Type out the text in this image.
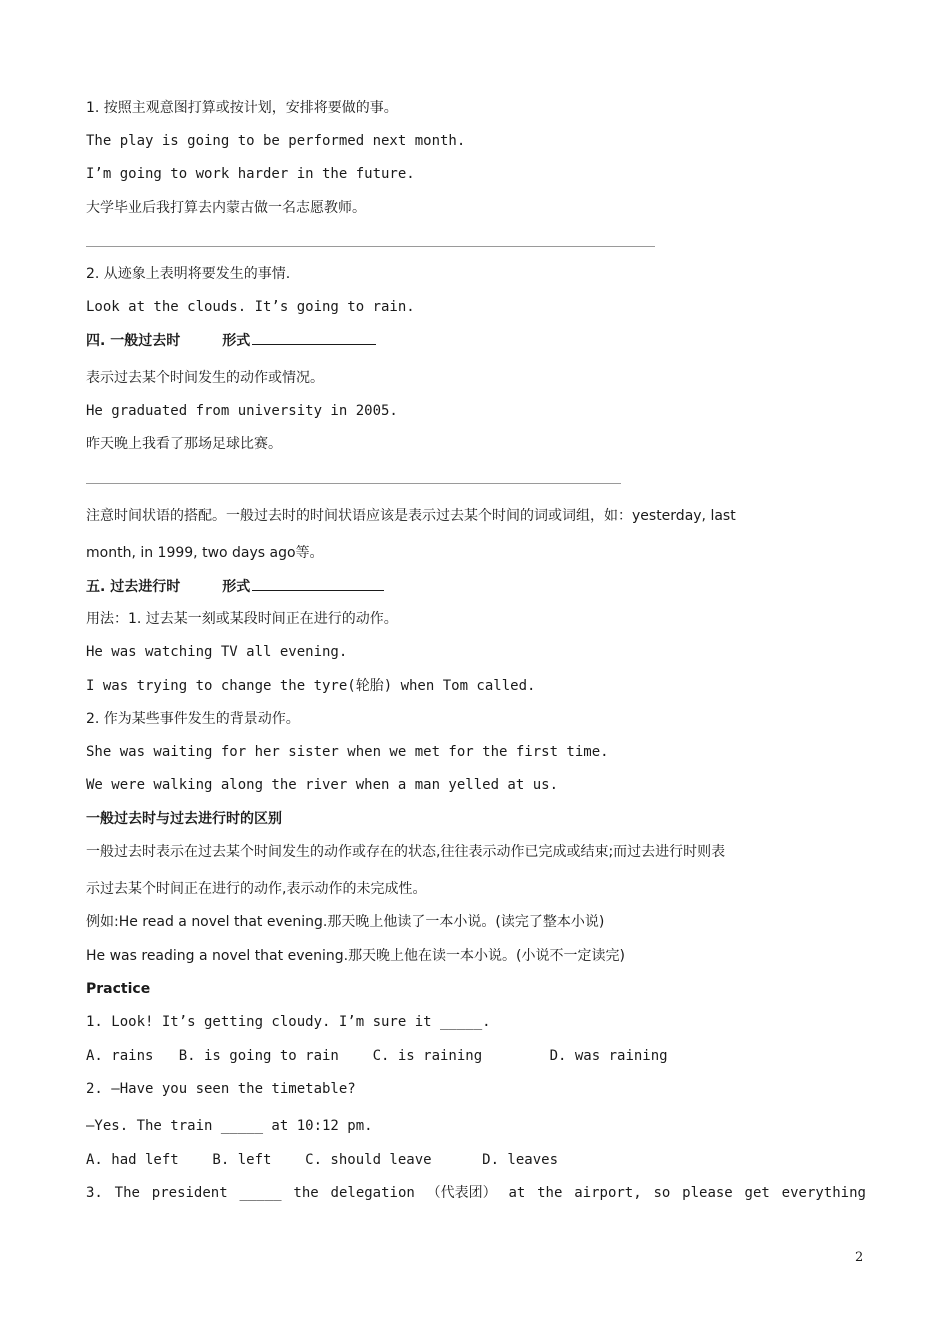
1. 按照主观意图打算或按计划，安排将要做的事。
The play is going to be performed next month.
I’m going to work harder in the future.
大学毕业后我打算去内蒙古做一名志愿教师。
2. 从迹象上表明将要发生的事情.
Look at the clouds. It’s going to rain.
四. 一般过去时	形式
表示过去某个时间发生的动作或情况。
He graduated from university in 2005.
昨天晚上我看了那场足球比赛。
注意时间状语的搭配。一般过去时的时间状语应该是表示过去某个时间的词或词组，如：yesterday, last
month, in 1999, two days ago等。
五. 过去进行时	形式
用法：1. 过去某一刻或某段时间正在进行的动作。
He was watching TV all evening.
I was trying to change the tyre(轮胎) when Tom called.
2. 作为某些事件发生的背景动作。
She was waiting for her sister when we met for the first time.
We were walking along the river when a man yelled at us.
一般过去时与过去进行时的区别
一般过去时表示在过去某个时间发生的动作或存在的状态,往往表示动作已完成或结束;而过去进行时则表
示过去某个时间正在进行的动作,表示动作的未完成性。
例如:He read a novel that evening.那天晚上他读了一本小说。(读完了整本小说)
He was reading a novel that evening.那天晚上他在读一本小说。(小说不一定读完)
Practice
1. Look! It’s getting cloudy. I’m sure it _____.
A. rains   B. is going to rain    C. is raining        D. was raining
2. —Have you seen the timetable?
—Yes. The train _____ at 10:12 pm.
A. had left    B. left    C. should leave      D. leaves
3. The president _____ the delegation （代表团） at the airport, so please get everything
2
